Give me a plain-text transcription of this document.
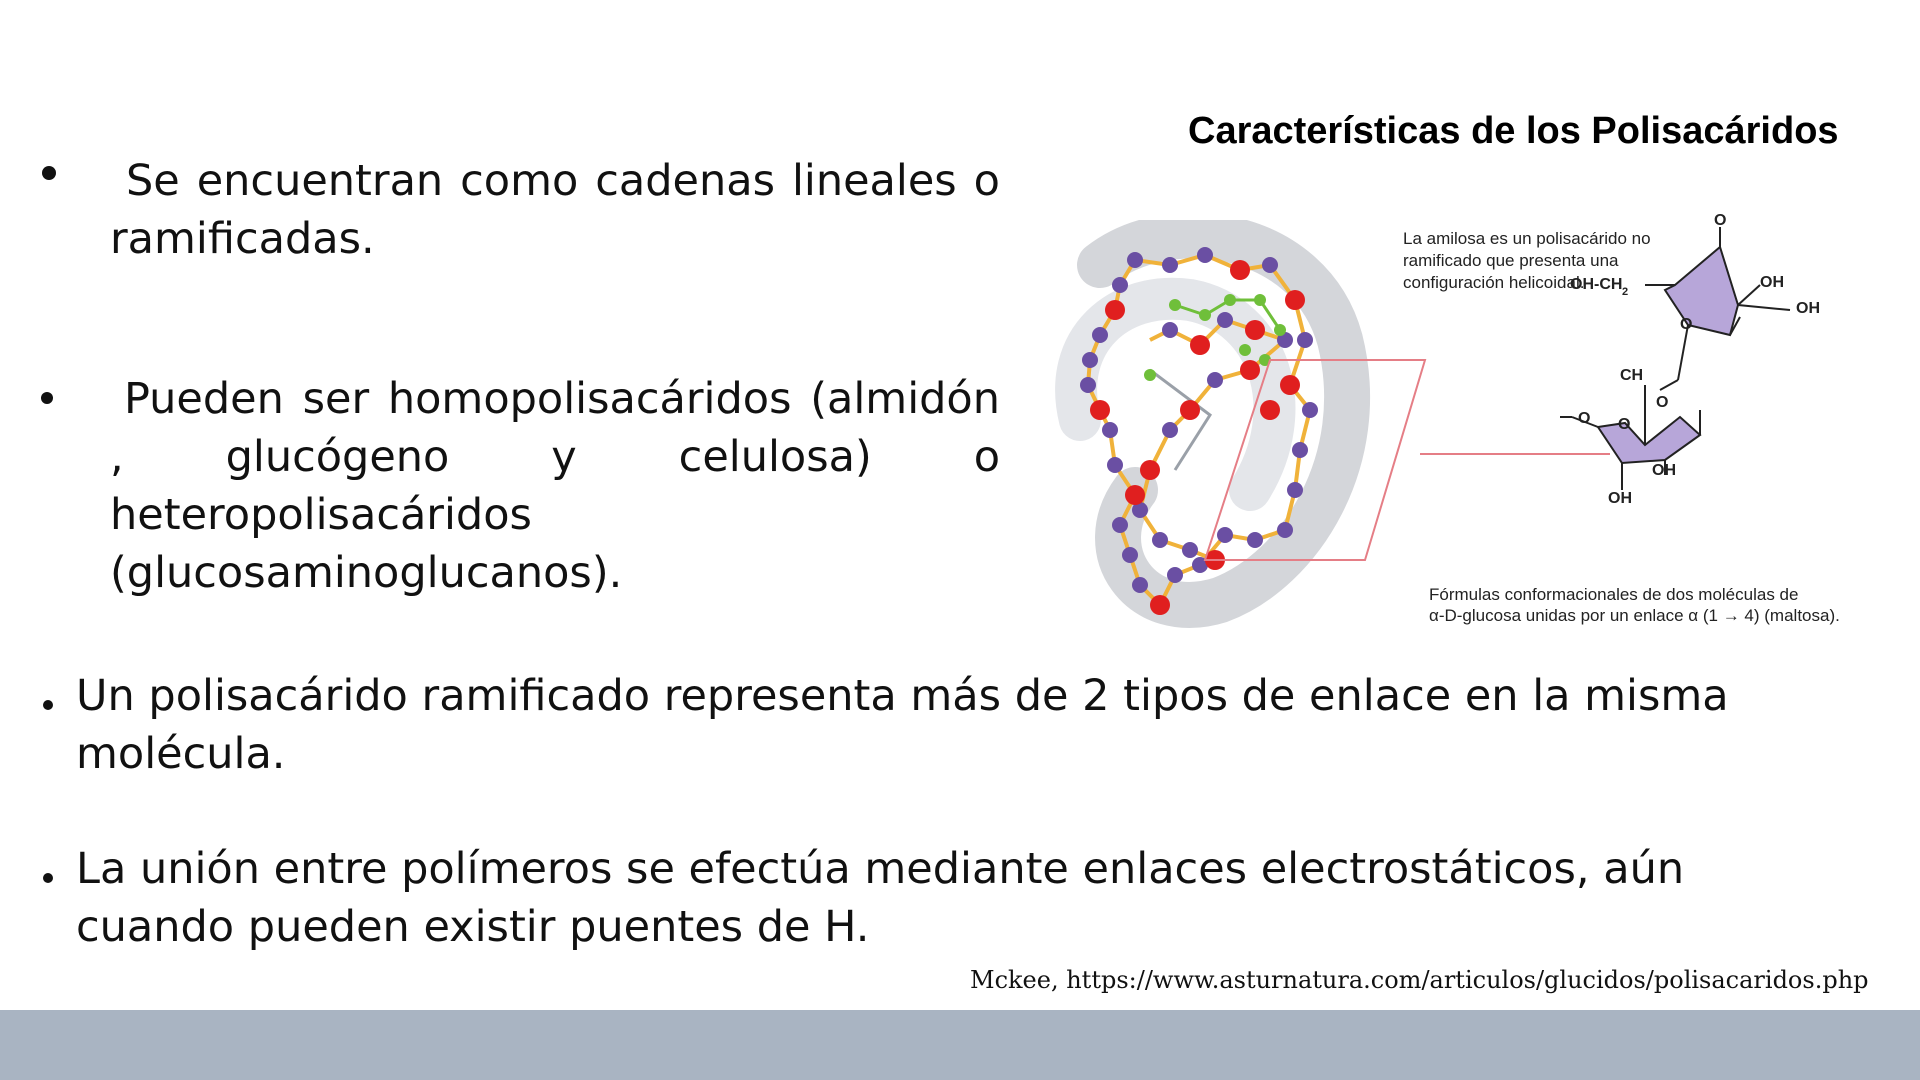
Se encuentran como cadenas lineales o ramificadas.

Pueden ser homopolisacáridos (almidón , glucógeno y celulosa) o heteropolisacáridos (glucosaminoglucanos).

Un polisacárido ramificado representa más de 2 tipos de enlace en la misma molécula.

La unión entre polímeros se efectúa mediante enlaces electrostáticos, aún cuando pueden existir puentes de H.

Características de los Polisacáridos
La amilosa es un polisacárido no ramificado que presenta una configuración helicoidal.
O
OH-CH 2
OH
OH
O
O
CH
OH
OH
O
O
Fórmulas conformacionales de dos moléculas de
α-D-glucosa unidas por un enlace α (1 → 4) (maltosa).
Mckee, https://www.asturnatura.com/articulos/glucidos/polisacaridos.php
